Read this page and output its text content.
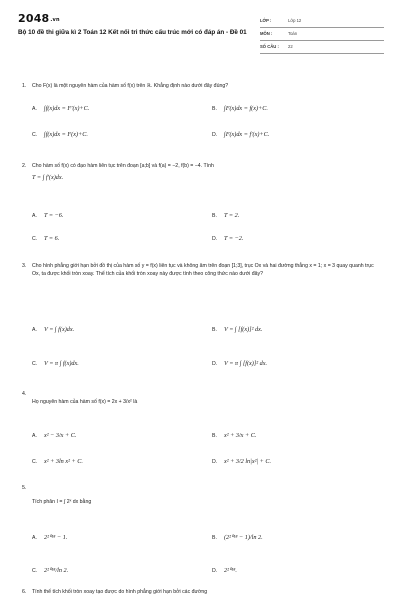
2048.vn
Bộ 10 đề thi giữa kì 2 Toán 12 Kết nối tri thức cấu trúc mới có đáp án - Đề 01
LỚP :	Lớp 12
MÔN :	Toán
SỐ CÂU : 22
1. Cho F(x) là một nguyên hàm của hàm số f(x) trên ℝ. Khẳng định nào dưới đây đúng?
A. ∫f(x)dx = F′(x)+C.	B. ∫F(x)dx = f(x)+C.
C. ∫f(x)dx = F(x)+C.	D. ∫F(x)dx = f′(x)+C.
2. Cho hàm số f(x) có đạo hàm liên tục trên đoạn [a;b] và f(a) = −2, f(b) = −4. Tính
T = ∫ f′(x)dx.
A. T = −6.	B. T = 2.
C. T = 6.	D. T = −2.
3. Cho hình phẳng giới hạn bởi đồ thị của hàm số y = f(x) liên tục và không âm trên đoạn [1;3], trục Ox và hai đường thẳng x = 1; x = 3 quay quanh trục Ox, ta được khối tròn xoay. Thể tích của khối tròn xoay này được tính theo công thức nào dưới đây?
A. V = ∫ f(x)dx.	B. V = ∫ [f(x)]² dx.
C. V = π ∫ f(x)dx.	D. V = π ∫ [f(x)]² dx.
4.
Họ nguyên hàm của hàm số f(x) = 2x + 3/x² là
A. x² − 3/x + C.	B. x² + 3/x + C.
C. x² + 3ln x² + C.	D. x² + 3/2 ln|x²| + C.
5.
Tích phân I = ∫ 2ˣ dx bằng
A. 2²⁰¹⁸ − 1.	B. (2²⁰¹⁸ − 1)/ln 2.
C. 2²⁰¹⁸/ln 2.	D. 2²⁰¹⁸.
6. Tính thể tích khối tròn xoay tạo được do hình phẳng giới hạn bởi các đường
